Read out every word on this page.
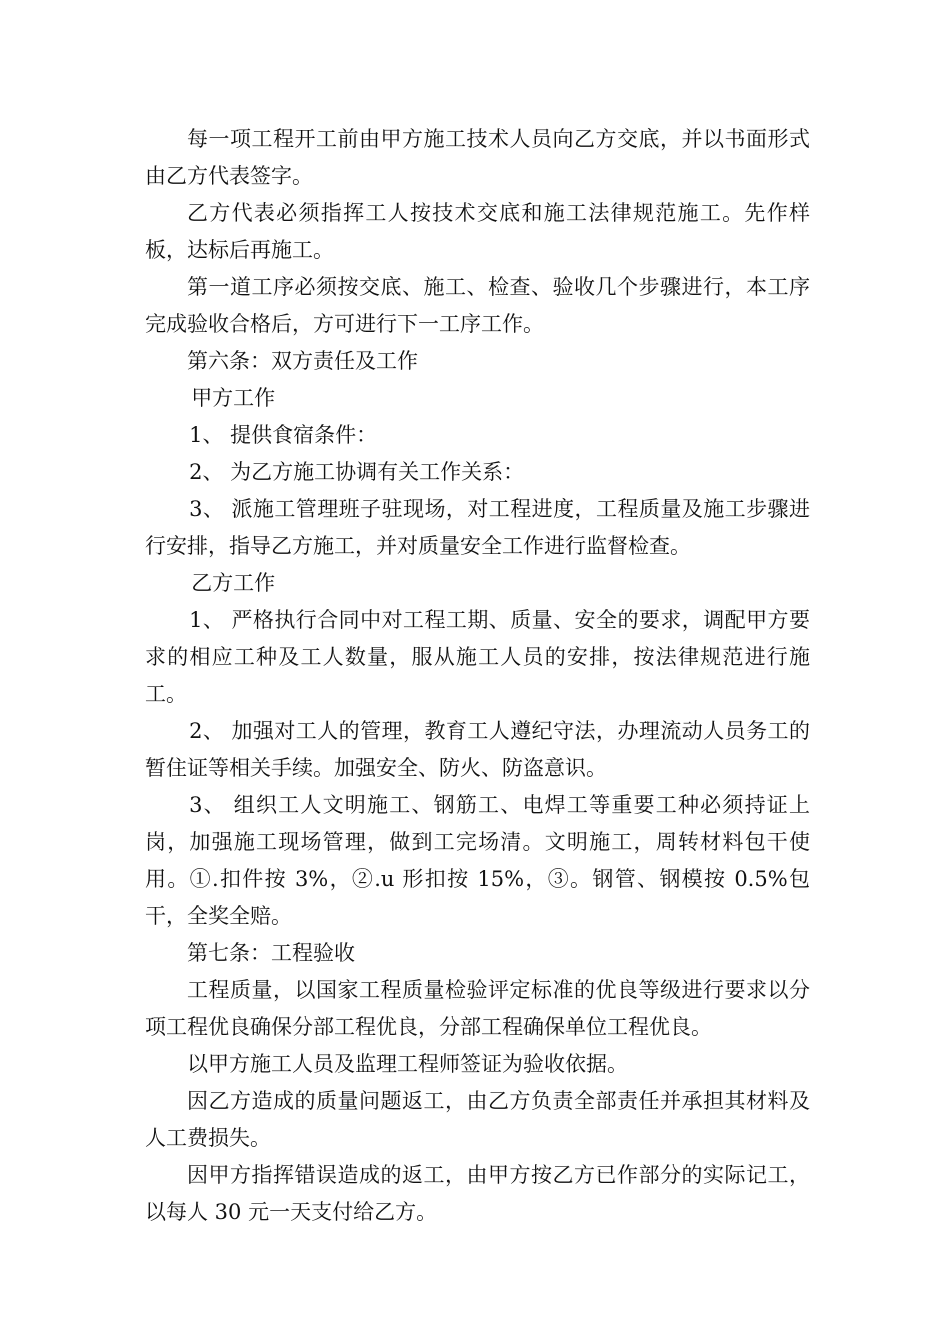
每一项工程开工前由甲方施工技术人员向乙方交底，并以书面形式由乙方代表签字。

乙方代表必须指挥工人按技术交底和施工法律规范施工。先作样板，达标后再施工。

第一道工序必须按交底、施工、检查、验收几个步骤进行，本工序完成验收合格后，方可进行下一工序工作。

第六条：双方责任及工作

甲方工作

1、 提供食宿条件：

2、 为乙方施工协调有关工作关系：

3、 派施工管理班子驻现场，对工程进度，工程质量及施工步骤进行安排，指导乙方施工，并对质量安全工作进行监督检查。

乙方工作

1、 严格执行合同中对工程工期、质量、安全的要求，调配甲方要求的相应工种及工人数量，服从施工人员的安排，按法律规范进行施工。

2、 加强对工人的管理，教育工人遵纪守法，办理流动人员务工的暂住证等相关手续。加强安全、防火、防盗意识。

3、 组织工人文明施工、钢筋工、电焊工等重要工种必须持证上岗，加强施工现场管理，做到工完场清。文明施工，周转材料包干使用。①.扣件按 3%，②.u 形扣按 15%，③。钢管、钢模按 0.5%包干，全奖全赔。

第七条：工程验收

工程质量，以国家工程质量检验评定标准的优良等级进行要求以分项工程优良确保分部工程优良，分部工程确保单位工程优良。

以甲方施工人员及监理工程师签证为验收依据。

因乙方造成的质量问题返工，由乙方负责全部责任并承担其材料及人工费损失。

因甲方指挥错误造成的返工，由甲方按乙方已作部分的实际记工，以每人 30 元一天支付给乙方。
